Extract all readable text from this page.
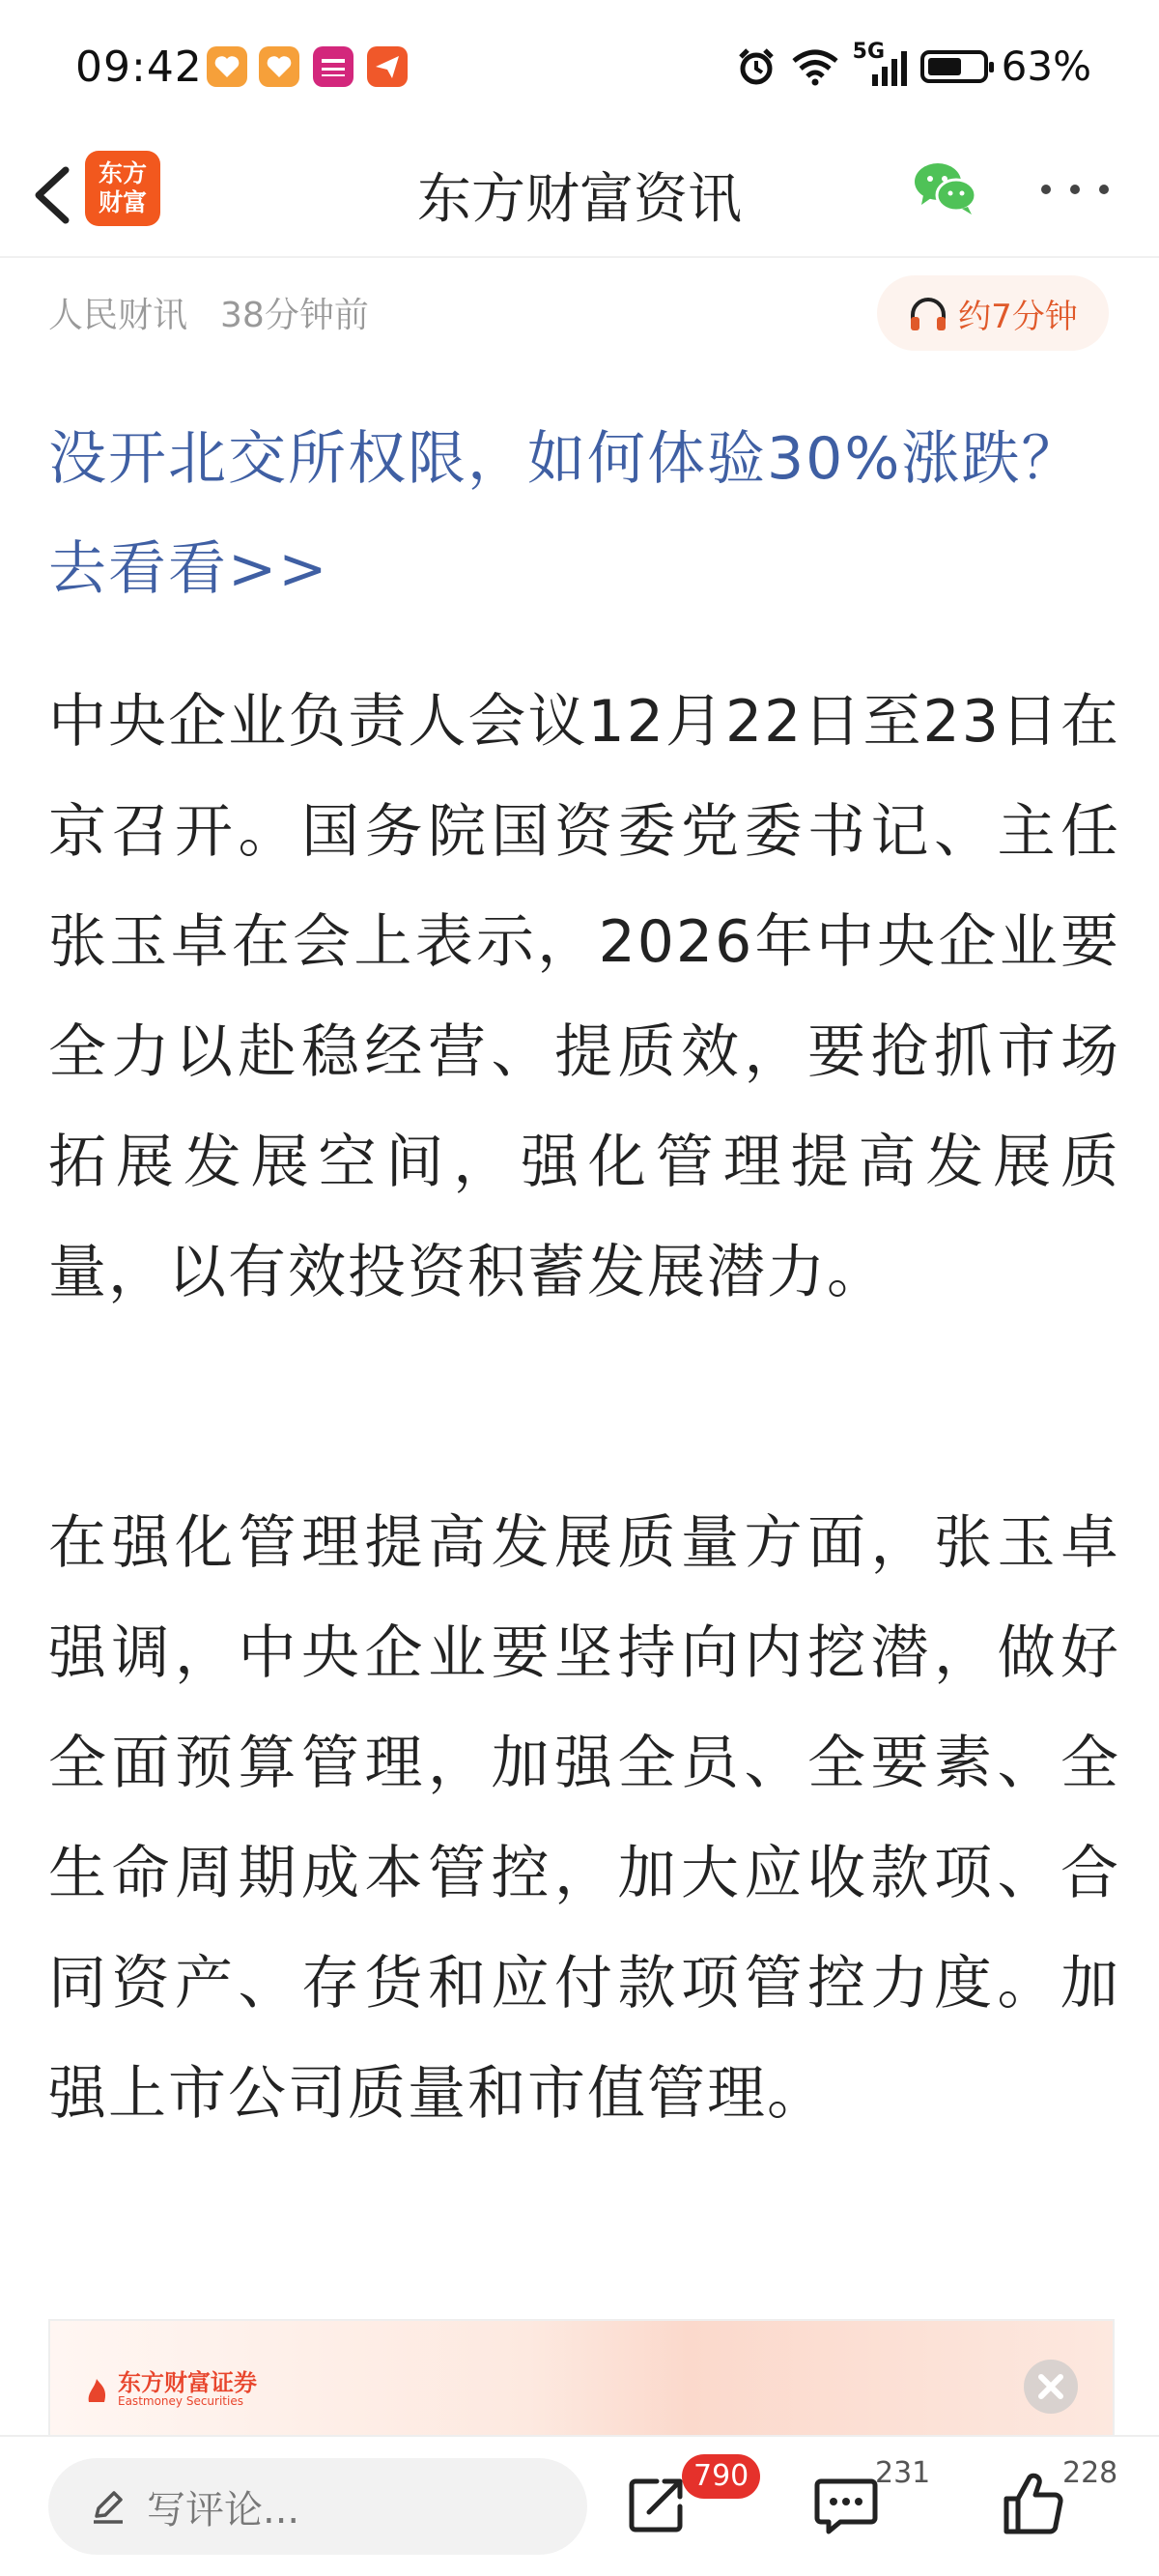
09:42	5G	63%
东方
财富	东方财富资讯
人民财讯 38分钟前	约7分钟
没开北交所权限，如何体验30%涨跌？去看看>>
中央企业负责人会议12月22日至23日在京召开。国务院国资委党委书记、主任张玉卓在会上表示，2026年中央企业要全力以赴稳经营、提质效，要抢抓市场拓展发展空间，强化管理提高发展质量，以有效投资积蓄发展潜力。
在强化管理提高发展质量方面，张玉卓强调，中央企业要坚持向内挖潜，做好全面预算管理，加强全员、全要素、全生命周期成本管控，加大应收款项、合同资产、存货和应付款项管控力度。加强上市公司质量和市值管理。
东方财富证券
Eastmoney Securities
写评论...
790	231	228
